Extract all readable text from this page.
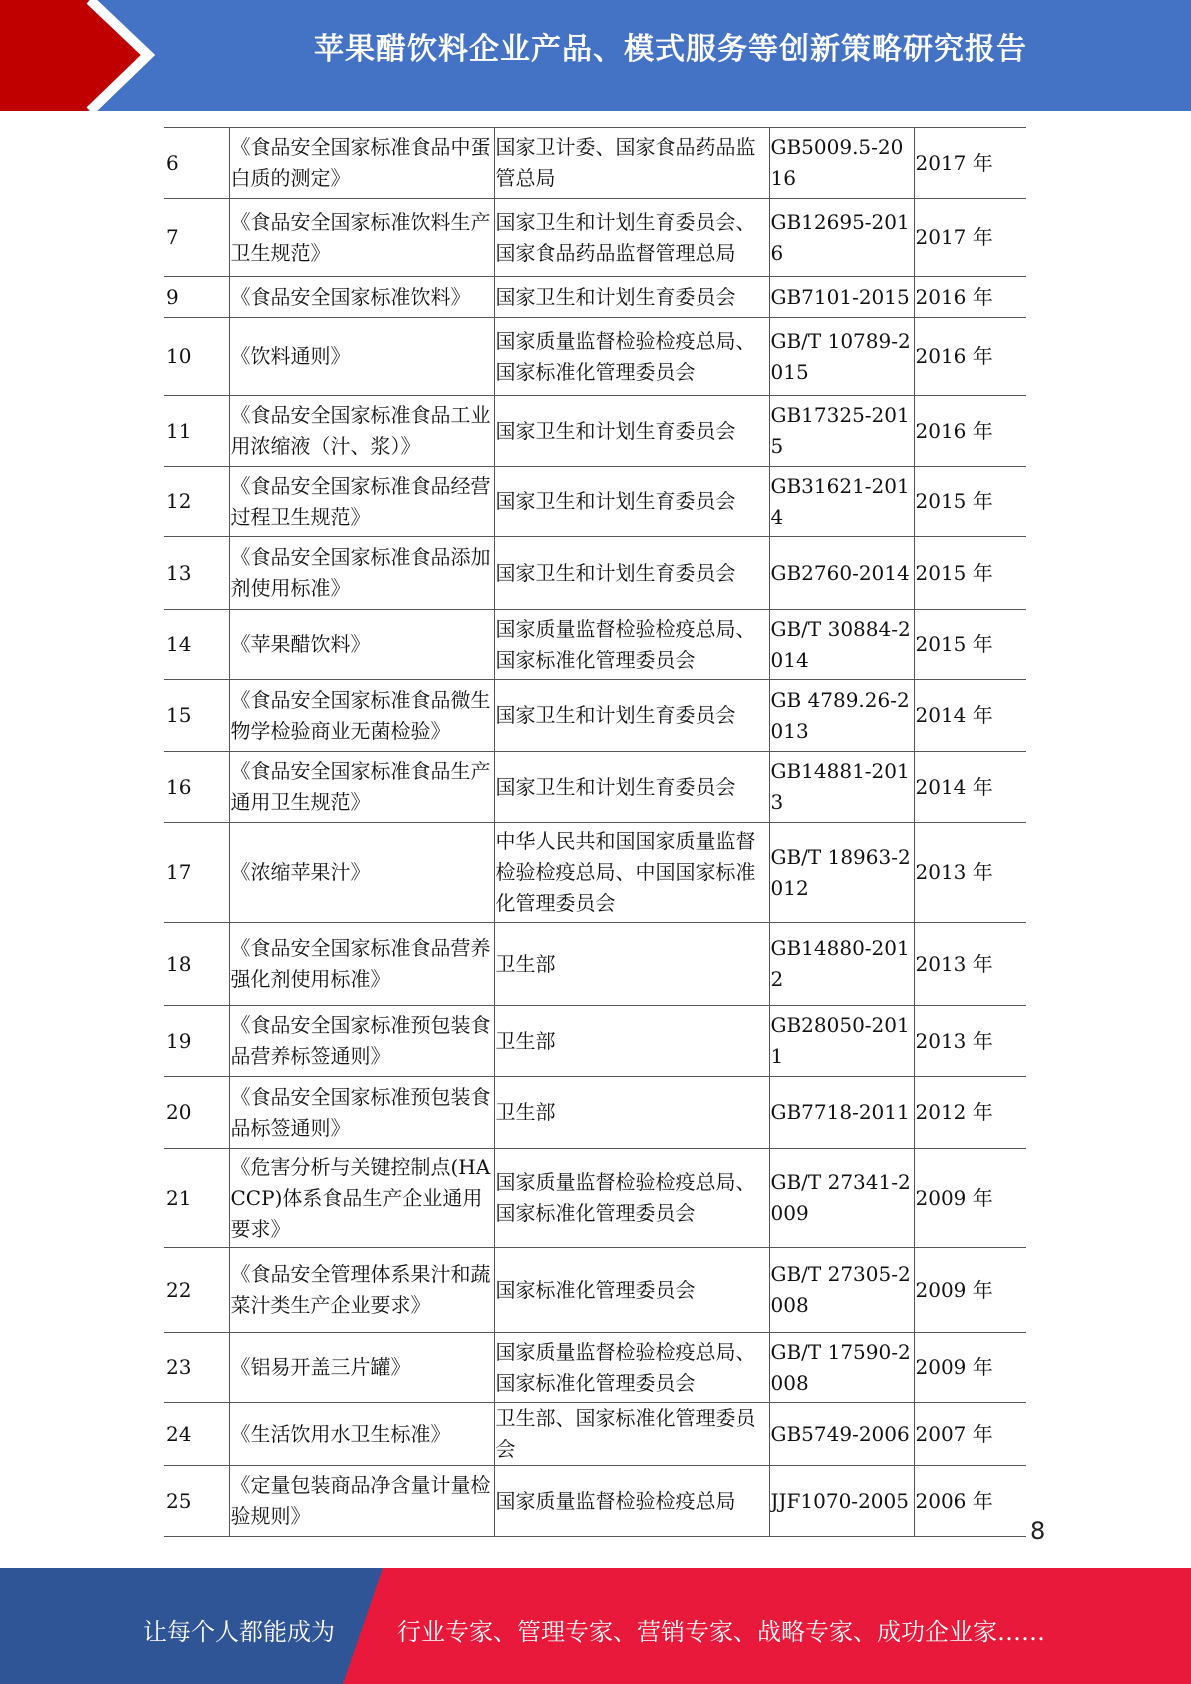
苹果醋饮料企业产品、模式服务等创新策略研究报告
6	《食品安全国家标准食品中蛋白质的测定》	国家卫计委、国家食品药品监管总局	GB5009.5-2016	2017 年
7	《食品安全国家标准饮料生产卫生规范》	国家卫生和计划生育委员会、国家食品药品监督管理总局	GB12695-2016	2017 年
9	《食品安全国家标准饮料》	国家卫生和计划生育委员会	GB7101-2015	2016 年
10	《饮料通则》	国家质量监督检验检疫总局、国家标准化管理委员会	GB/T 10789-2015	2016 年
11	《食品安全国家标准食品工业用浓缩液（汁、浆）》	国家卫生和计划生育委员会	GB17325-2015	2016 年
12	《食品安全国家标准食品经营过程卫生规范》	国家卫生和计划生育委员会	GB31621-2014	2015 年
13	《食品安全国家标准食品添加剂使用标准》	国家卫生和计划生育委员会	GB2760-2014	2015 年
14	《苹果醋饮料》	国家质量监督检验检疫总局、国家标准化管理委员会	GB/T 30884-2014	2015 年
15	《食品安全国家标准食品微生物学检验商业无菌检验》	国家卫生和计划生育委员会	GB 4789.26-2013	2014 年
16	《食品安全国家标准食品生产通用卫生规范》	国家卫生和计划生育委员会	GB14881-2013	2014 年
17	《浓缩苹果汁》	中华人民共和国国家质量监督检验检疫总局、中国国家标准化管理委员会	GB/T 18963-2012	2013 年
18	《食品安全国家标准食品营养强化剂使用标准》	卫生部	GB14880-2012	2013 年
19	《食品安全国家标准预包装食品营养标签通则》	卫生部	GB28050-2011	2013 年
20	《食品安全国家标准预包装食品标签通则》	卫生部	GB7718-2011	2012 年
21	《危害分析与关键控制点(HACCP)体系食品生产企业通用要求》	国家质量监督检验检疫总局、国家标准化管理委员会	GB/T 27341-2009	2009 年
22	《食品安全管理体系果汁和蔬菜汁类生产企业要求》	国家标准化管理委员会	GB/T 27305-2008	2009 年
23	《铝易开盖三片罐》	国家质量监督检验检疫总局、国家标准化管理委员会	GB/T 17590-2008	2009 年
24	《生活饮用水卫生标准》	卫生部、国家标准化管理委员会	GB5749-2006	2007 年
25	《定量包装商品净含量计量检验规则》	国家质量监督检验检疫总局	JJF1070-2005	2006 年
8
让每个人都能成为	行业专家、管理专家、营销专家、战略专家、成功企业家……
